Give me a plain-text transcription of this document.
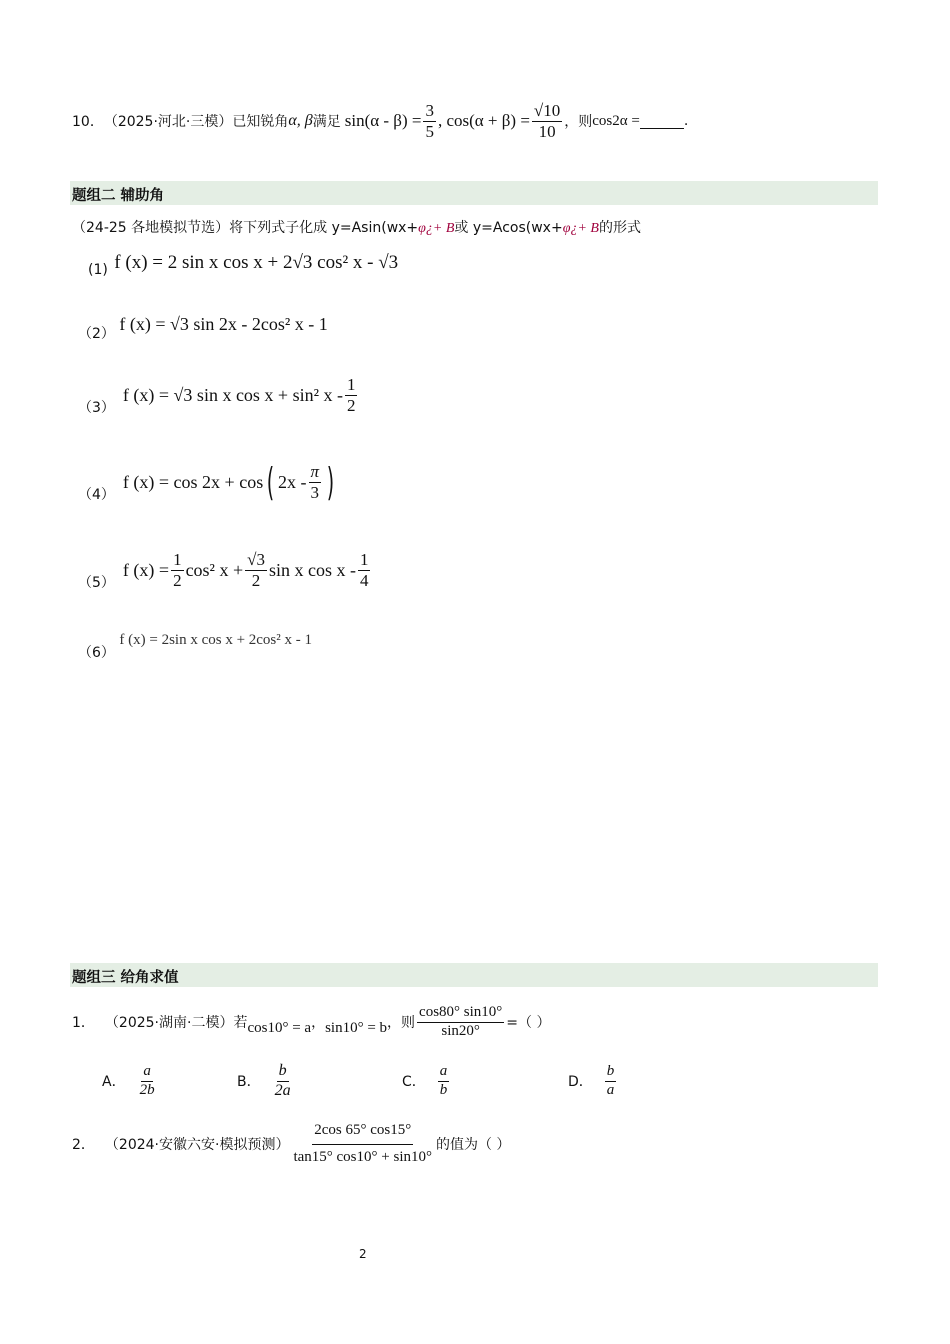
10． （2025·河北·三模）已知锐角 α, β 满足 $\sin(\alpha - \beta) = \frac{3}{5}$ , $\cos(\alpha + \beta) = \frac{√10}{10}$ ，则 cos2α =	.
题组二 辅助角
（24-25 各地模拟节选）将下列式子化成 y=Asin(wx+φ¿+ B或 y=Acos(wx+φ¿+ B的形式
(1) f (x) = 2 sin x cos x + 2√3 cos² x - √3
（2） f (x) = √3 sin 2x - 2cos² x - 1
（3）
f (x) = √3 sin x cos x + sin² x - $\frac{1}{2}$
（4）
f (x) = cos 2x + cos ( $2x - \frac{\pi}{3}$ )
（5）
f $(x) = \frac{1}{2} \cos^2$ $x + \frac{√3}{2}$ sin x cos x - $\frac{1}{4}$
（6） f (x) = 2sin x cos x + 2cos² x - 1
题组三 给角求值
1． （2025·湖南·二模）若 cos10° = a ， sin10° = b ，则 $\frac{\cos 80^\circ \sin 10^\circ}{\sin 20^\circ}$ =（ ）
A． $\frac{a}{2b}$	B． $\frac{b}{2a}$	C． $\frac{a}{b}$	D． $\frac{b}{a}$
2． （2024·安徽六安·模拟预测） $\frac{2\cos 65^\circ \cos 15^\circ}{\tan 15^\circ \cos 10^\circ + \sin 10^\circ}$ 的值为（ ）
2
